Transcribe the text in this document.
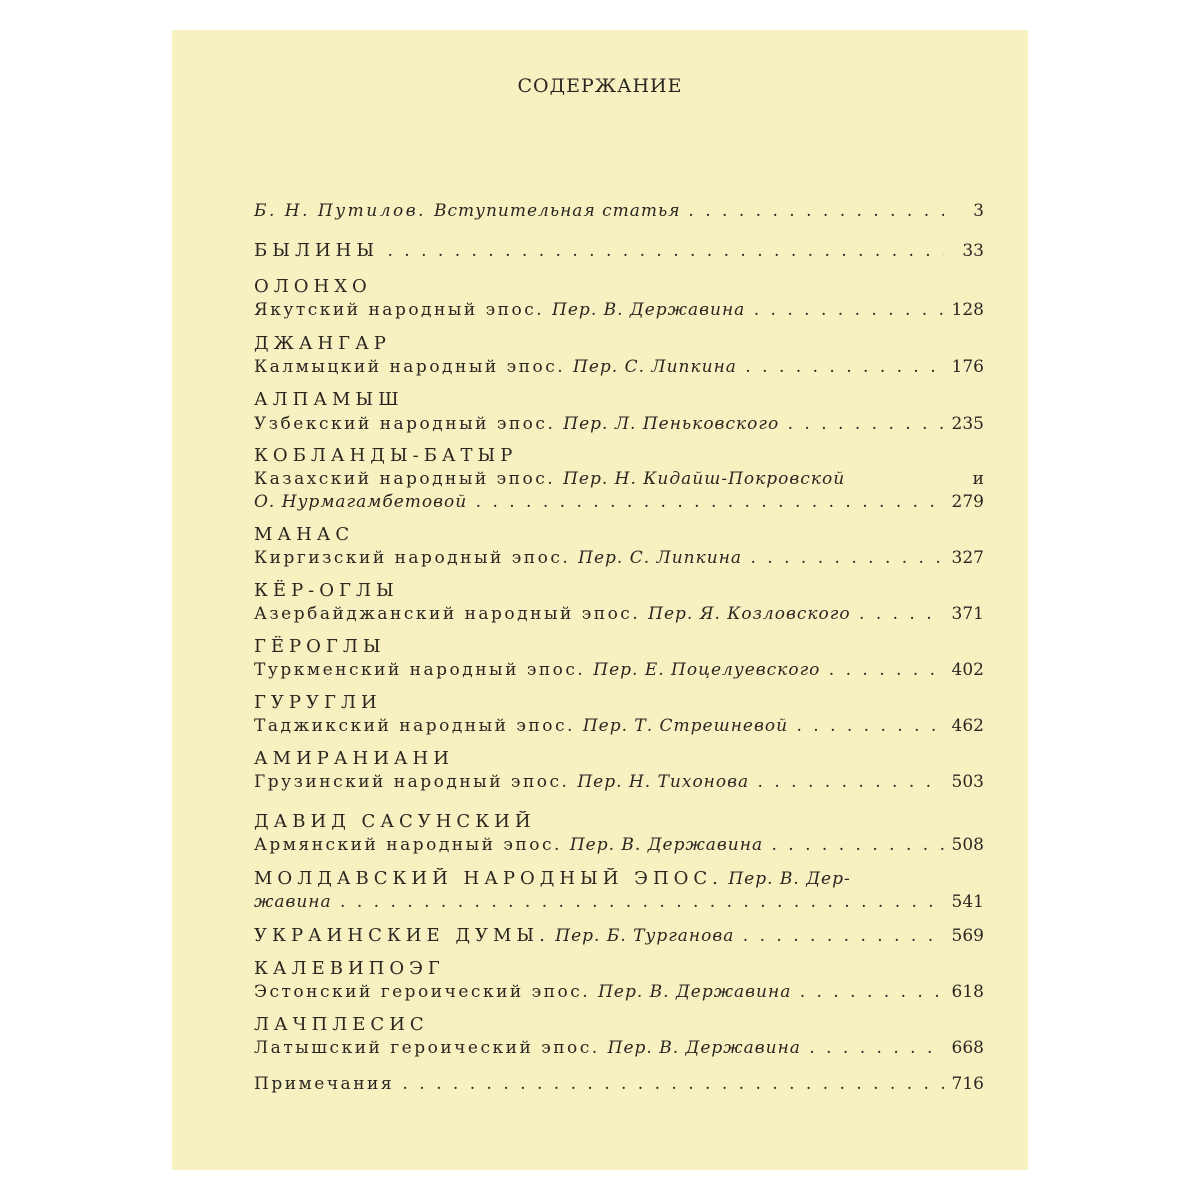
СОДЕРЖАНИЕ
Б. Н. Путилов. Вступительная статья . .	3
БЫЛИНЫ . .	33
ОЛОНХО
Якутский народный эпос. Пер. В. Державина . .	128
ДЖАНГАР
Калмыцкий народный эпос. Пер. С. Липкина . .	176
АЛПАМЫШ
Узбекский народный эпос. Пер. Л. Пеньковского . .	235
КОБЛАНДЫ-БАТЫР
Казахский народный эпос. Пер. Н. Кидайш-Покровской	и
О. Нурмагамбетовой . .	279
МАНАС
Киргизский народный эпос. Пер. С. Липкина . .	327
КЁР-ОГЛЫ
Азербайджанский народный эпос. Пер. Я. Козловского . .	371
ГЁРОГЛЫ
Туркменский народный эпос. Пер. Е. Поцелуевского . .	402
ГУРУГЛИ
Таджикский народный эпос. Пер. Т. Стрешневой . .	462
АМИРАНИАНИ
Грузинский народный эпос. Пер. Н. Тихонова . .	503
ДАВИД САСУНСКИЙ
Армянский народный эпос. Пер. В. Державина . .	508
МОЛДАВСКИЙ НАРОДНЫЙ ЭПОС. Пер. В. Дер-
жавина . .	541
УКРАИНСКИЕ ДУМЫ. Пер. Б. Турганова . .	569
КАЛЕВИПОЭГ
Эстонский героический эпос. Пер. В. Державина . .	618
ЛАЧПЛЕСИС
Латышский героический эпос. Пер. В. Державина . .	668
Примечания . .	716
